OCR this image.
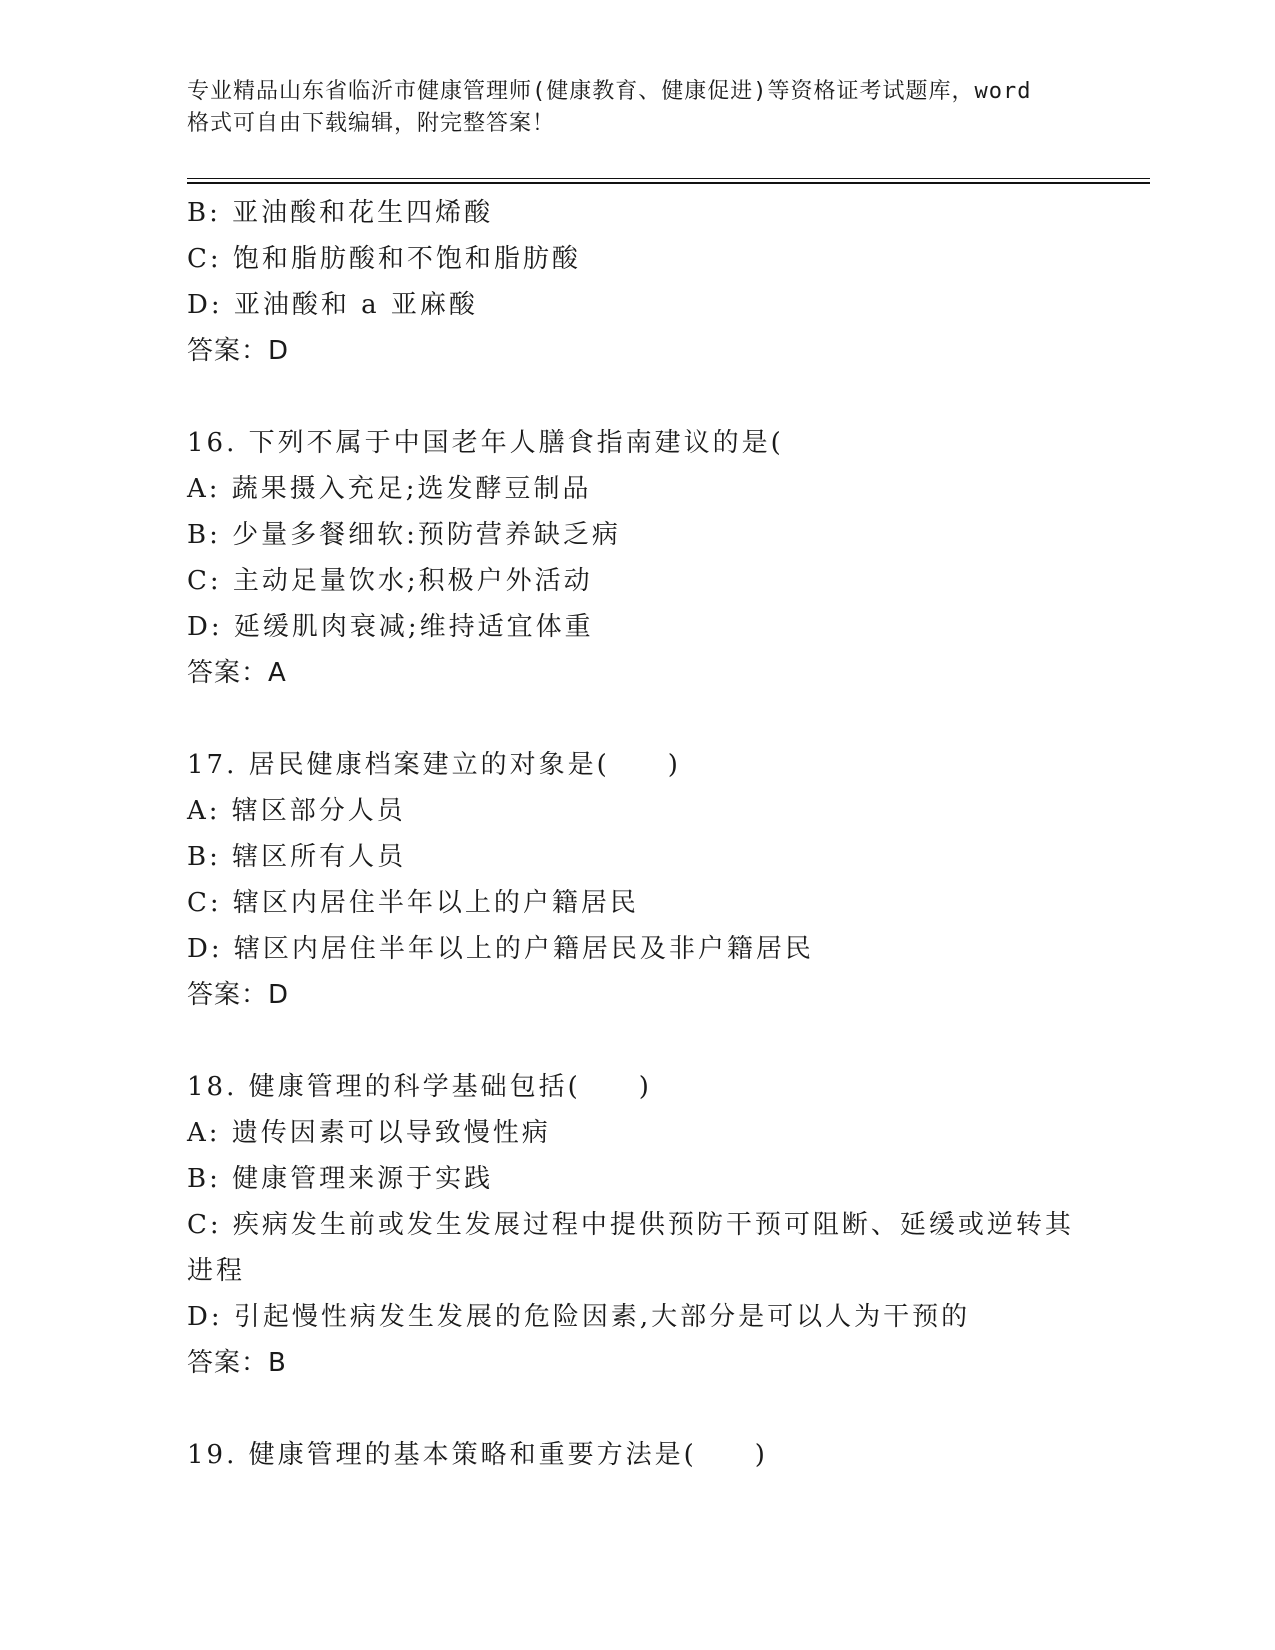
专业精品山东省临沂市健康管理师(健康教育、健康促进)等资格证考试题库，word
格式可自由下载编辑，附完整答案！
B: 亚油酸和花生四烯酸
C: 饱和脂肪酸和不饱和脂肪酸
D: 亚油酸和 a 亚麻酸
答案：D
16. 下列不属于中国老年人膳食指南建议的是(
A: 蔬果摄入充足;选发酵豆制品
B: 少量多餐细软:预防营养缺乏病
C: 主动足量饮水;积极户外活动
D: 延缓肌肉衰减;维持适宜体重
答案：A
17. 居民健康档案建立的对象是(　　)
A: 辖区部分人员
B: 辖区所有人员
C: 辖区内居住半年以上的户籍居民
D: 辖区内居住半年以上的户籍居民及非户籍居民
答案：D
18. 健康管理的科学基础包括(　　)
A: 遗传因素可以导致慢性病
B: 健康管理来源于实践
C: 疾病发生前或发生发展过程中提供预防干预可阻断、延缓或逆转其
进程
D: 引起慢性病发生发展的危险因素,大部分是可以人为干预的
答案：B
19. 健康管理的基本策略和重要方法是(　　)
